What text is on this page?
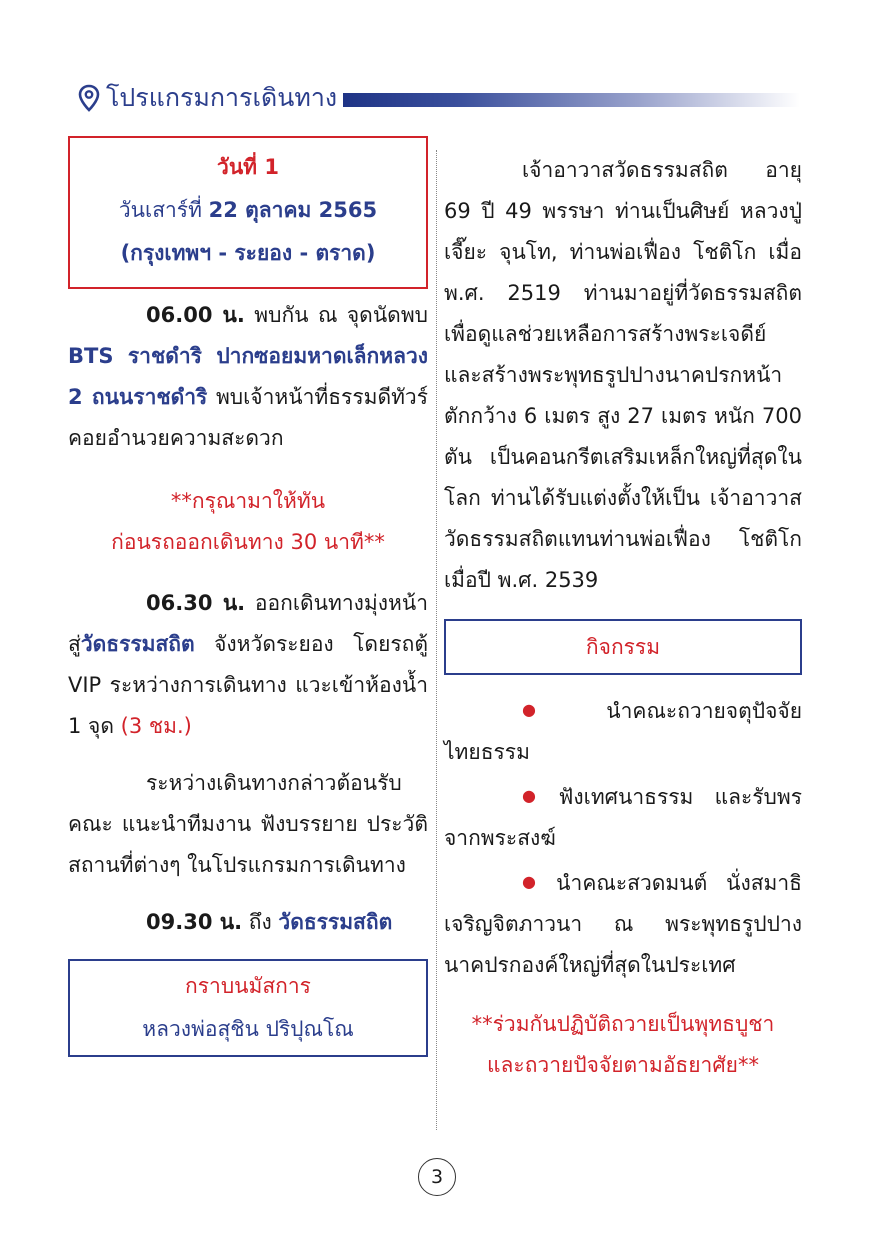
โปรแกรมการเดินทาง
วันที่ 1
วันเสาร์ที่ 22 ตุลาคม 2565
(กรุงเทพฯ - ระยอง - ตราด)

06.00 น. พบกัน ณ จุดนัดพบ BTS ราชดำริ ปากซอยมหาดเล็กหลวง 2 ถนนราชดำริ พบเจ้าหน้าที่ธรรมดีทัวร์คอยอำนวยความสะดวก

**กรุณามาให้ทัน
ก่อนรถออกเดินทาง 30 นาที**

06.30 น. ออกเดินทางมุ่งหน้าสู่วัดธรรมสถิต จังหวัดระยอง โดยรถตู้ VIP ระหว่างการเดินทาง แวะเข้าห้องน้ำ 1 จุด (3 ชม.)

ระหว่างเดินทางกล่าวต้อนรับ คณะ แนะนำทีมงาน ฟังบรรยาย ประวัติสถานที่ต่างๆ ในโปรแกรมการเดินทาง

09.30 น. ถึง วัดธรรมสถิต

กราบนมัสการ
หลวงพ่อสุชิน ปริปุณโณ

เจ้าอาวาสวัดธรรมสถิต อายุ 69 ปี 49 พรรษา ท่านเป็นศิษย์ หลวงปู่เจี๊ยะ จุนโท, ท่านพ่อเฟื่อง โชติโก เมื่อ พ.ศ. 2519 ท่านมาอยู่ที่วัดธรรมสถิต เพื่อดูแลช่วยเหลือการสร้างพระเจดีย์ และสร้างพระพุทธรูปปางนาคปรกหน้าตักกว้าง 6 เมตร สูง 27 เมตร หนัก 700 ตัน เป็นคอนกรีตเสริมเหล็กใหญ่ที่สุดในโลก ท่านได้รับแต่งตั้งให้เป็น เจ้าอาวาสวัดธรรมสถิตแทนท่านพ่อเฟื่อง โชติโก เมื่อปี พ.ศ. 2539

กิจกรรม

● นำคณะถวายจตุปัจจัย ไทยธรรม

● ฟังเทศนาธรรม และรับพร จากพระสงฆ์

● นำคณะสวดมนต์ นั่งสมาธิ เจริญจิตภาวนา ณ พระพุทธรูปปาง นาคปรกองค์ใหญ่ที่สุดในประเทศ

**ร่วมกันปฏิบัติถวายเป็นพุทธบูชา
และถวายปัจจัยตามอัธยาศัย**

3
